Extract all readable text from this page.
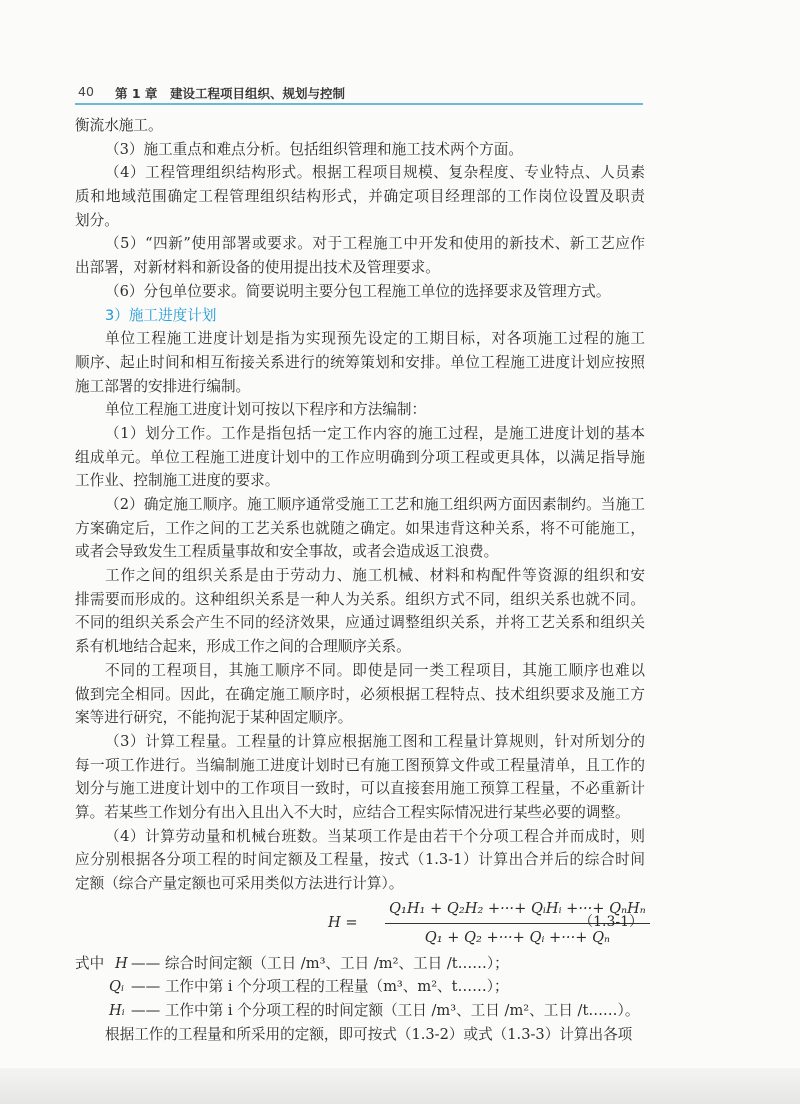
40 第 1 章 建设工程项目组织、规划与控制
衡流水施工。
（3）施工重点和难点分析。包括组织管理和施工技术两个方面。
（4）工程管理组织结构形式。根据工程项目规模、复杂程度、专业特点、人员素
质和地域范围确定工程管理组织结构形式，并确定项目经理部的工作岗位设置及职责
划分。
（5）“四新”使用部署或要求。对于工程施工中开发和使用的新技术、新工艺应作
出部署，对新材料和新设备的使用提出技术及管理要求。
（6）分包单位要求。简要说明主要分包工程施工单位的选择要求及管理方式。
3）施工进度计划
单位工程施工进度计划是指为实现预先设定的工期目标，对各项施工过程的施工
顺序、起止时间和相互衔接关系进行的统筹策划和安排。单位工程施工进度计划应按照
施工部署的安排进行编制。
单位工程施工进度计划可按以下程序和方法编制：
（1）划分工作。工作是指包括一定工作内容的施工过程，是施工进度计划的基本
组成单元。单位工程施工进度计划中的工作应明确到分项工程或更具体，以满足指导施
工作业、控制施工进度的要求。
（2）确定施工顺序。施工顺序通常受施工工艺和施工组织两方面因素制约。当施工
方案确定后，工作之间的工艺关系也就随之确定。如果违背这种关系，将不可能施工，
或者会导致发生工程质量事故和安全事故，或者会造成返工浪费。
工作之间的组织关系是由于劳动力、施工机械、材料和构配件等资源的组织和安
排需要而形成的。这种组织关系是一种人为关系。组织方式不同，组织关系也就不同。
不同的组织关系会产生不同的经济效果，应通过调整组织关系，并将工艺关系和组织关
系有机地结合起来，形成工作之间的合理顺序关系。
不同的工程项目，其施工顺序不同。即使是同一类工程项目，其施工顺序也难以
做到完全相同。因此，在确定施工顺序时，必须根据工程特点、技术组织要求及施工方
案等进行研究，不能拘泥于某种固定顺序。
（3）计算工程量。工程量的计算应根据施工图和工程量计算规则，针对所划分的
每一项工作进行。当编制施工进度计划时已有施工图预算文件或工程量清单，且工作的
划分与施工进度计划中的工作项目一致时，可以直接套用施工预算工程量，不必重新计
算。若某些工作划分有出入且出入不大时，应结合工程实际情况进行某些必要的调整。
（4）计算劳动量和机械台班数。当某项工作是由若干个分项工程合并而成时，则
应分别根据各分项工程的时间定额及工程量，按式（1.3-1）计算出合并后的综合时间
定额（综合产量定额也可采用类似方法进行计算）。
H =
Q₁H₁ + Q₂H₂ +···+ QᵢHᵢ +···+ QₙHₙ
Q₁ + Q₂ +···+ Qᵢ +···+ Qₙ
（1.3-1）
式中 H —— 综合时间定额（工日 /m³、工日 /m²、工日 /t……）；
Qᵢ —— 工作中第 i 个分项工程的工程量（m³、m²、t……）；
Hᵢ —— 工作中第 i 个分项工程的时间定额（工日 /m³、工日 /m²、工日 /t……）。
根据工作的工程量和所采用的定额，即可按式（1.3-2）或式（1.3-3）计算出各项
